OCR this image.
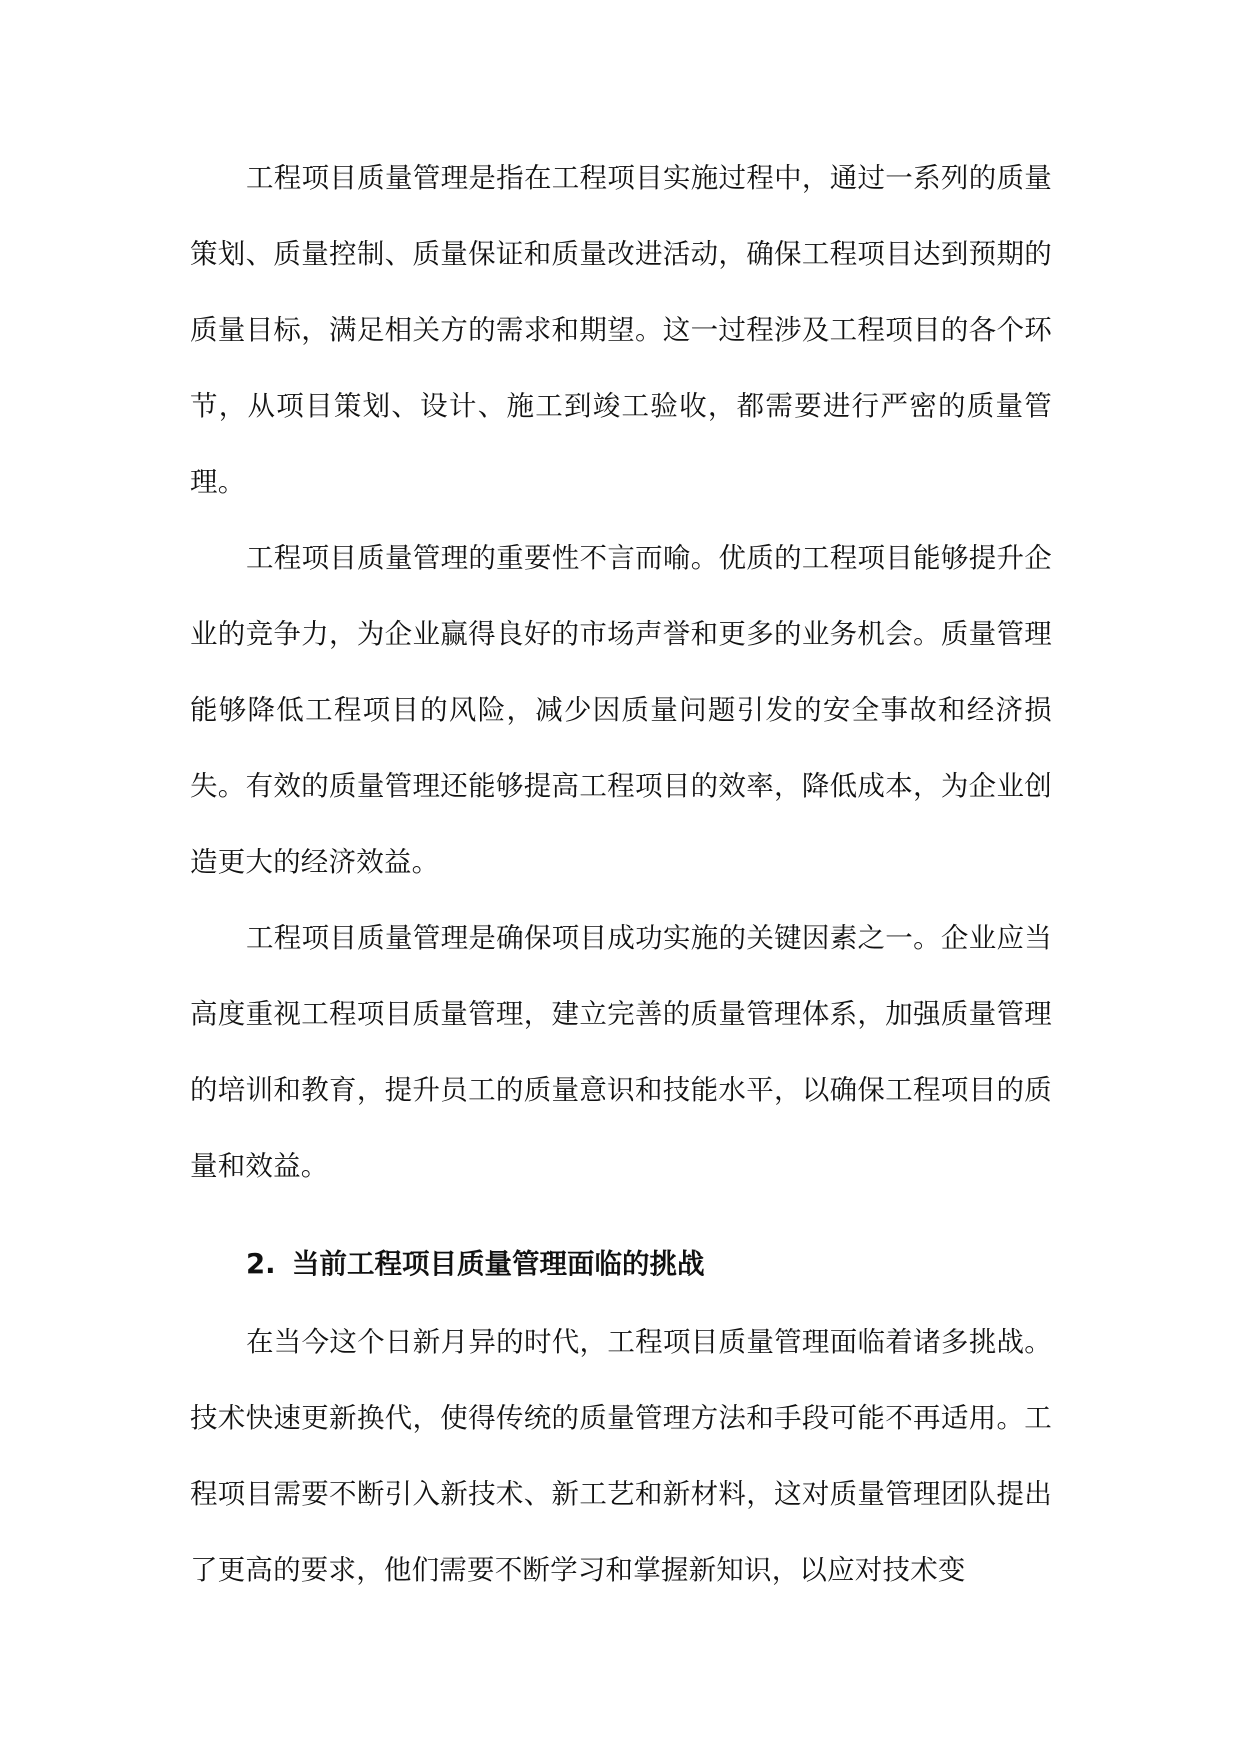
工程项目质量管理是指在工程项目实施过程中，通过一系列的质量策划、质量控制、质量保证和质量改进活动，确保工程项目达到预期的质量目标，满足相关方的需求和期望。这一过程涉及工程项目的各个环节，从项目策划、设计、施工到竣工验收，都需要进行严密的质量管理。

工程项目质量管理的重要性不言而喻。优质的工程项目能够提升企业的竞争力，为企业赢得良好的市场声誉和更多的业务机会。质量管理能够降低工程项目的风险，减少因质量问题引发的安全事故和经济损失。有效的质量管理还能够提高工程项目的效率，降低成本，为企业创造更大的经济效益。

工程项目质量管理是确保项目成功实施的关键因素之一。企业应当高度重视工程项目质量管理，建立完善的质量管理体系，加强质量管理的培训和教育，提升员工的质量意识和技能水平，以确保工程项目的质量和效益。

2. 当前工程项目质量管理面临的挑战

在当今这个日新月异的时代，工程项目质量管理面临着诸多挑战。技术快速更新换代，使得传统的质量管理方法和手段可能不再适用。工程项目需要不断引入新技术、新工艺和新材料，这对质量管理团队提出了更高的要求，他们需要不断学习和掌握新知识，以应对技术变
